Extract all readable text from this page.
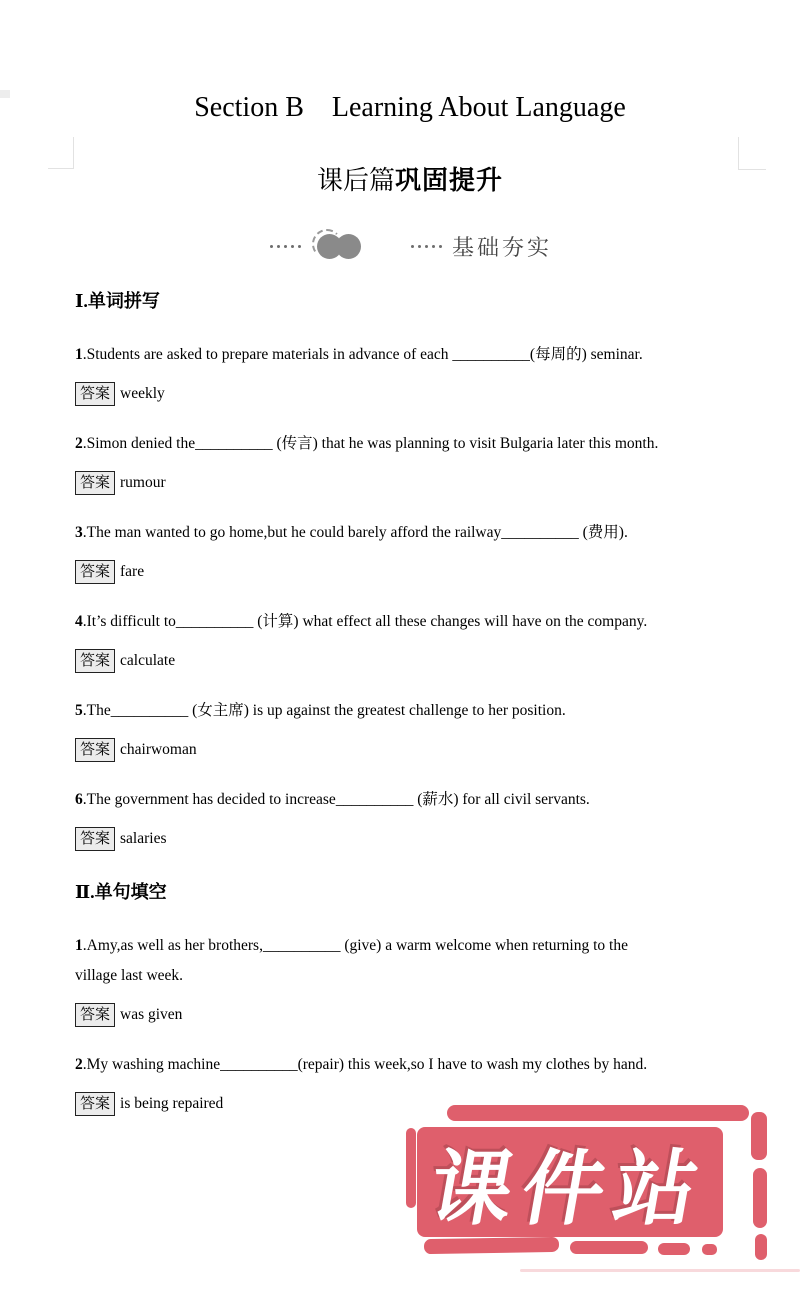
Section B　Learning About Language
课后篇巩固提升
基础夯实
Ⅰ.单词拼写
1.Students are asked to prepare materials in advance of each __________(每周的) seminar.
答案 weekly
2.Simon denied the__________ (传言) that he was planning to visit Bulgaria later this month.
答案 rumour
3.The man wanted to go home,but he could barely afford the railway__________ (费用).
答案 fare
4.It’s difficult to__________ (计算) what effect all these changes will have on the company.
答案 calculate
5.The__________ (女主席) is up against the greatest challenge to her position.
答案 chairwoman
6.The government has decided to increase__________ (薪水) for all civil servants.
答案 salaries
Ⅱ.单句填空
1.Amy,as well as her brothers,__________ (give) a warm welcome when returning to the village last week.
答案 was given
2.My washing machine__________(repair) this week,so I have to wash my clothes by hand.
答案 is being repaired
课件站
